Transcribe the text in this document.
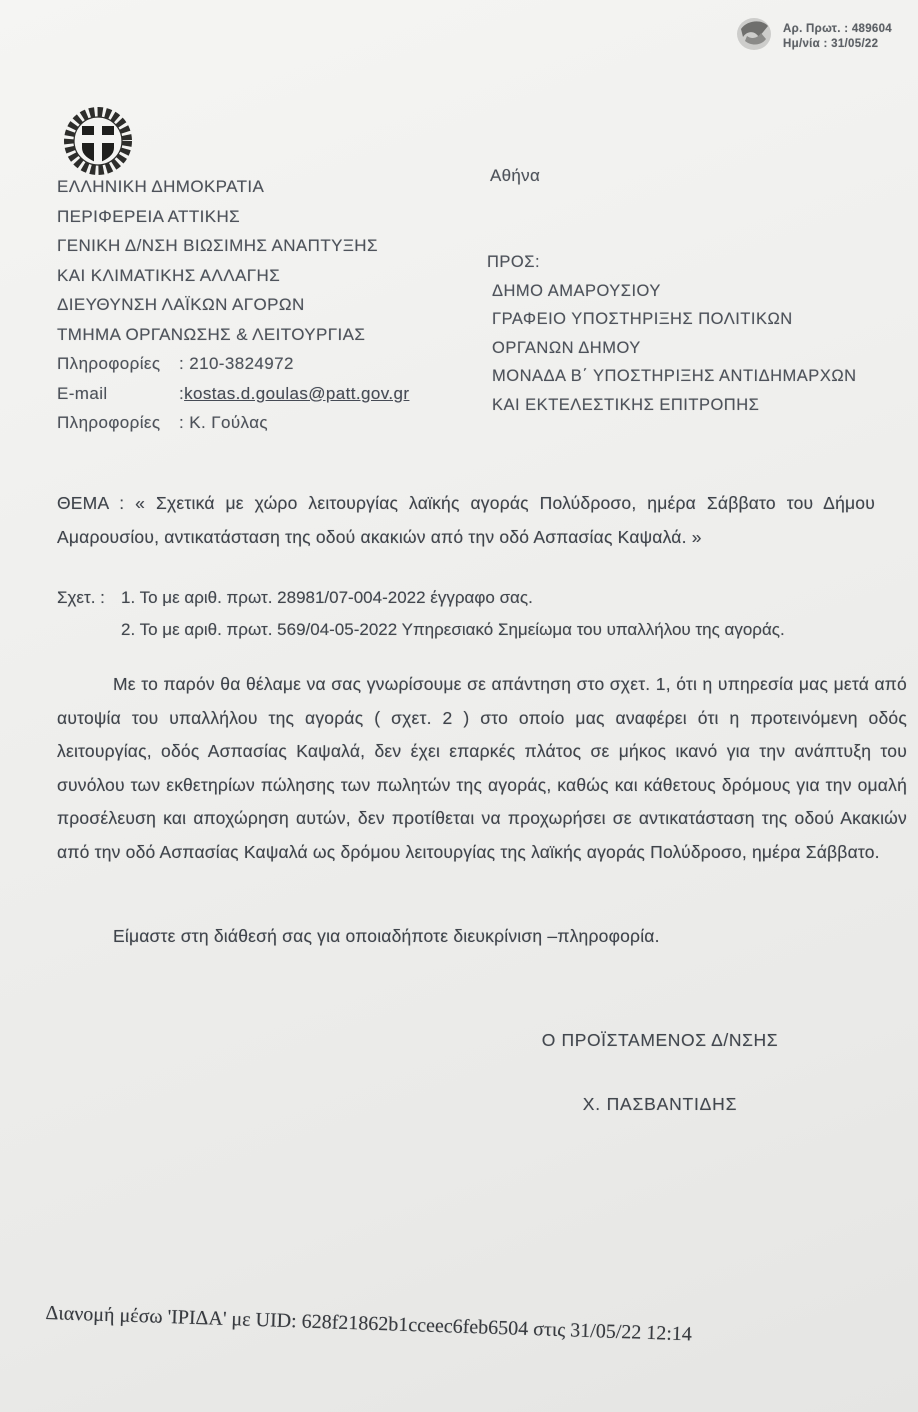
Αρ. Πρωτ. : 489604
Ημ/νία : 31/05/22
ΕΛΛΗΝΙΚΗ ΔΗΜΟΚΡΑΤΙΑ
ΠΕΡΙΦΕΡΕΙΑ ΑΤΤΙΚΗΣ
ΓΕΝΙΚΗ Δ/ΝΣΗ ΒΙΩΣΙΜΗΣ ΑΝΑΠΤΥΞΗΣ
ΚΑΙ ΚΛΙΜΑΤΙΚΗΣ ΑΛΛΑΓΗΣ
ΔΙΕΥΘΥΝΣΗ ΛΑΪΚΩΝ ΑΓΟΡΩΝ
ΤΜΗΜΑ ΟΡΓΑΝΩΣΗΣ & ΛΕΙΤΟΥΡΓΙΑΣ
Πληροφορίες	: 210-3824972
E-mail	: kostas.d.goulas@patt.gov.gr
Πληροφορίες	: Κ. Γούλας
Αθήνα
ΠΡΟΣ:
ΔΗΜΟ ΑΜΑΡΟΥΣΙΟΥ
ΓΡΑΦΕΙΟ ΥΠΟΣΤΗΡΙΞΗΣ ΠΟΛΙΤΙΚΩΝ
ΟΡΓΑΝΩΝ ΔΗΜΟΥ
ΜΟΝΑΔΑ Β΄ ΥΠΟΣΤΗΡΙΞΗΣ ΑΝΤΙΔΗΜΑΡΧΩΝ
ΚΑΙ ΕΚΤΕΛΕΣΤΙΚΗΣ ΕΠΙΤΡΟΠΗΣ
ΘΕΜΑ : « Σχετικά με χώρο λειτουργίας λαϊκής αγοράς Πολύδροσο, ημέρα Σάββατο του Δήμου Αμαρουσίου, αντικατάσταση της οδού ακακιών από την οδό Ασπασίας Καψαλά. »
Σχετ. : 1. Το με αριθ. πρωτ. 28981/07-004-2022 έγγραφο σας.
2. Το με αριθ. πρωτ. 569/04-05-2022 Υπηρεσιακό Σημείωμα του υπαλλήλου της αγοράς.
Με το παρόν θα θέλαμε να σας γνωρίσουμε σε απάντηση στο σχετ. 1, ότι η υπηρεσία μας μετά από αυτοψία του υπαλλήλου της αγοράς ( σχετ. 2 ) στο οποίο μας αναφέρει ότι η προτεινόμενη οδός λειτουργίας, οδός Ασπασίας Καψαλά, δεν έχει επαρκές πλάτος σε μήκος ικανό για την ανάπτυξη του συνόλου των εκθετηρίων πώλησης των πωλητών της αγοράς, καθώς και κάθετους δρόμους για την ομαλή προσέλευση και αποχώρηση αυτών, δεν προτίθεται να προχωρήσει σε αντικατάσταση της οδού Ακακιών από την οδό Ασπασίας Καψαλά ως δρόμου λειτουργίας της λαϊκής αγοράς Πολύδροσο, ημέρα Σάββατο.
Είμαστε στη διάθεσή σας για οποιαδήποτε διευκρίνιση –πληροφορία.
Ο ΠΡΟΪΣΤΑΜΕΝΟΣ Δ/ΝΣΗΣ
Χ. ΠΑΣΒΑΝΤΙΔΗΣ
Διανομή μέσω 'ΙΡΙΔΑ' με UID: 628f21862b1cceec6feb6504 στις 31/05/22 12:14
